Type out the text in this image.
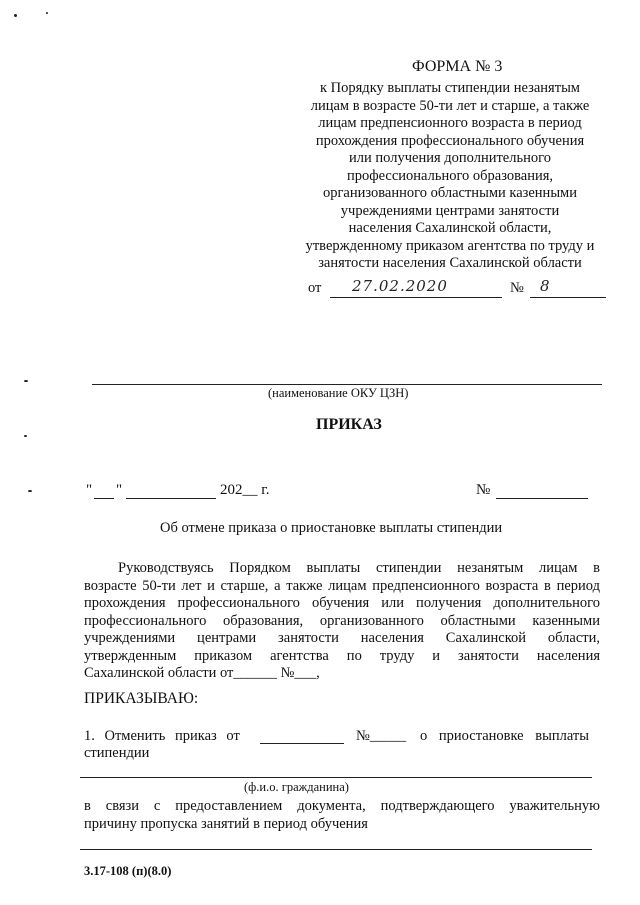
ФОРМА № 3
к Порядку выплаты стипендии незанятым
лицам в возрасте 50-ти лет и старше, а также
лицам предпенсионного возраста в период
прохождения профессионального обучения
или получения дополнительного
профессионального образования,
организованного областными казенными
учреждениями центрами занятости
населения Сахалинской области,
утвержденному приказом агентства по труду и
занятости населения Сахалинской области
от 27.02.2020	№ 8
(наименование ОКУ ЦЗН)
ПРИКАЗ
" "	202__ г.	№
Об отмене приказа о приостановке выплаты стипендии
Руководствуясь Порядком выплаты стипендии незанятым лицам в
возрасте 50-ти лет и старше, а также лицам предпенсионного возраста в период
прохождения профессионального обучения или получения дополнительного
профессионального образования, организованного областными казенными
учреждениями центрами занятости населения Сахалинской области,
утвержденным приказом агентства по труду и занятости населения
Сахалинской области от______ №___,
ПРИКАЗЫВАЮ:
1. Отменить приказ от	№_____ о приостановке выплаты
стипендии
(ф.и.о. гражданина)
в связи с предоставлением документа, подтверждающего уважительную
причину пропуска занятий в период обучения
3.17-108 (п)(8.0)
